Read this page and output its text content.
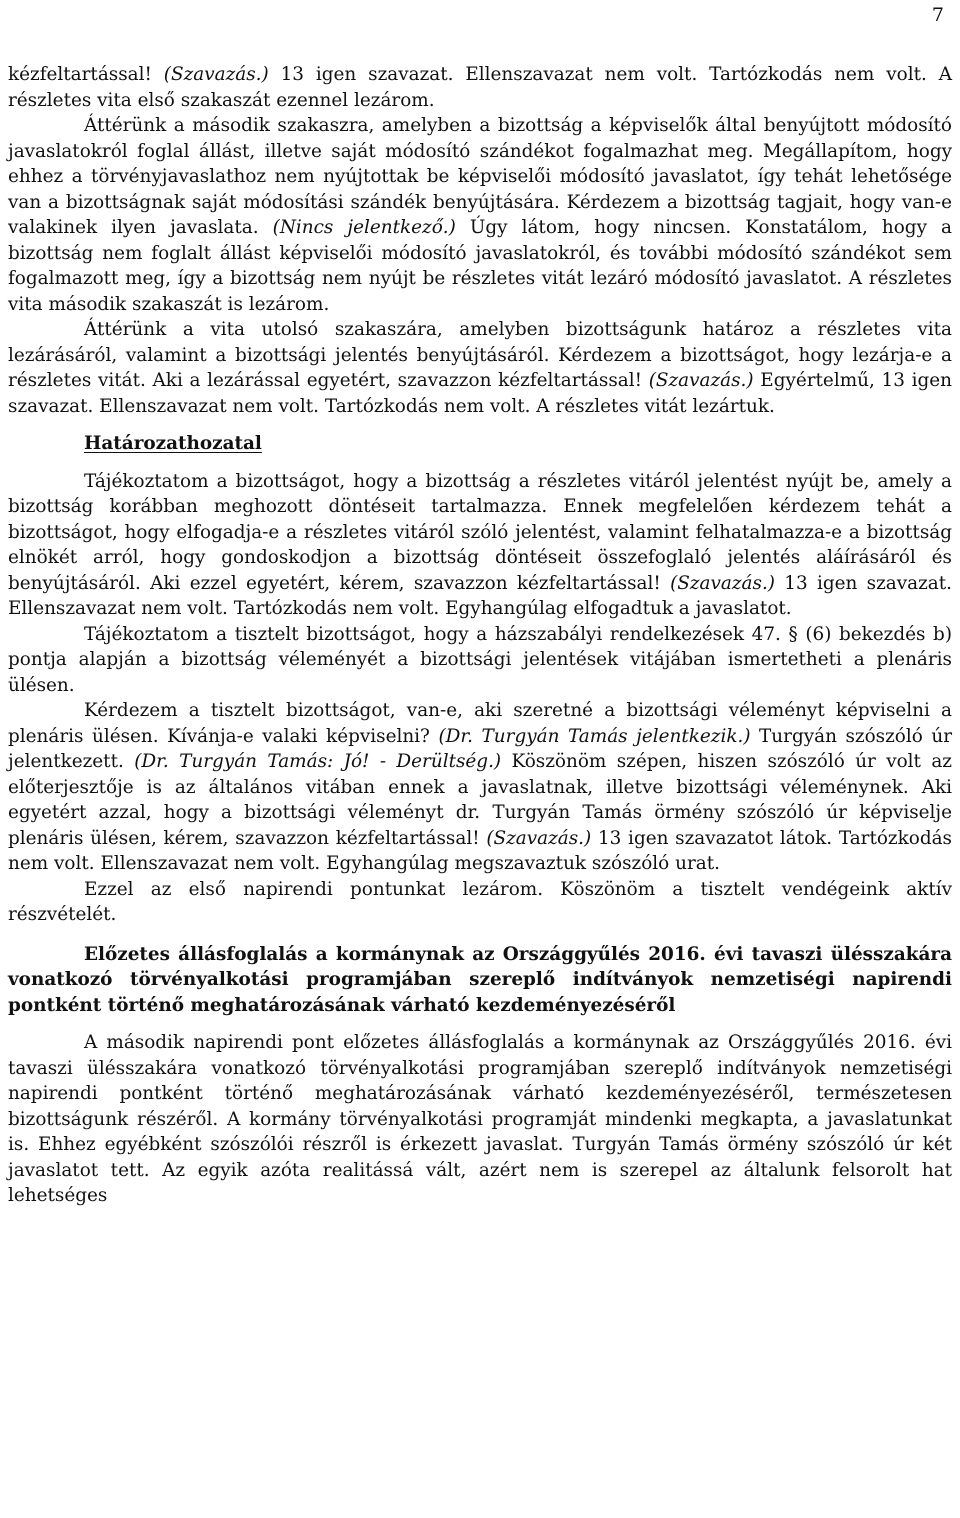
7

kézfeltartással! (Szavazás.) 13 igen szavazat. Ellenszavazat nem volt. Tartózkodás nem volt. A részletes vita első szakaszát ezennel lezárom.

Áttérünk a második szakaszra, amelyben a bizottság a képviselők által benyújtott módosító javaslatokról foglal állást, illetve saját módosító szándékot fogalmazhat meg. Megállapítom, hogy ehhez a törvényjavaslathoz nem nyújtottak be képviselői módosító javaslatot, így tehát lehetősége van a bizottságnak saját módosítási szándék benyújtására. Kérdezem a bizottság tagjait, hogy van-e valakinek ilyen javaslata. (Nincs jelentkező.) Úgy látom, hogy nincsen. Konstatálom, hogy a bizottság nem foglalt állást képviselői módosító javaslatokról, és további módosító szándékot sem fogalmazott meg, így a bizottság nem nyújt be részletes vitát lezáró módosító javaslatot. A részletes vita második szakaszát is lezárom.

Áttérünk a vita utolsó szakaszára, amelyben bizottságunk határoz a részletes vita lezárásáról, valamint a bizottsági jelentés benyújtásáról. Kérdezem a bizottságot, hogy lezárja-e a részletes vitát. Aki a lezárással egyetért, szavazzon kézfeltartással! (Szavazás.) Egyértelmű, 13 igen szavazat. Ellenszavazat nem volt. Tartózkodás nem volt. A részletes vitát lezártuk.

Határozathozatal

Tájékoztatom a bizottságot, hogy a bizottság a részletes vitáról jelentést nyújt be, amely a bizottság korábban meghozott döntéseit tartalmazza. Ennek megfelelően kérdezem tehát a bizottságot, hogy elfogadja-e a részletes vitáról szóló jelentést, valamint felhatalmazza-e a bizottság elnökét arról, hogy gondoskodjon a bizottság döntéseit összefoglaló jelentés aláírásáról és benyújtásáról. Aki ezzel egyetért, kérem, szavazzon kézfeltartással! (Szavazás.) 13 igen szavazat. Ellenszavazat nem volt. Tartózkodás nem volt. Egyhangúlag elfogadtuk a javaslatot.

Tájékoztatom a tisztelt bizottságot, hogy a házszabályi rendelkezések 47. § (6) bekezdés b) pontja alapján a bizottság véleményét a bizottsági jelentések vitájában ismertetheti a plenáris ülésen.

Kérdezem a tisztelt bizottságot, van-e, aki szeretné a bizottsági véleményt képviselni a plenáris ülésen. Kívánja-e valaki képviselni? (Dr. Turgyán Tamás jelentkezik.) Turgyán szószóló úr jelentkezett. (Dr. Turgyán Tamás: Jó! - Derültség.) Köszönöm szépen, hiszen szószóló úr volt az előterjesztője is az általános vitában ennek a javaslatnak, illetve bizottsági véleménynek. Aki egyetért azzal, hogy a bizottsági véleményt dr. Turgyán Tamás örmény szószóló úr képviselje plenáris ülésen, kérem, szavazzon kézfeltartással! (Szavazás.) 13 igen szavazatot látok. Tartózkodás nem volt. Ellenszavazat nem volt. Egyhangúlag megszavaztuk szószóló urat.

Ezzel az első napirendi pontunkat lezárom. Köszönöm a tisztelt vendégeink aktív részvételét.

Előzetes állásfoglalás a kormánynak az Országgyűlés 2016. évi tavaszi ülésszakára vonatkozó törvényalkotási programjában szereplő indítványok nemzetiségi napirendi pontként történő meghatározásának várható kezdeményezéséről

A második napirendi pont előzetes állásfoglalás a kormánynak az Országgyűlés 2016. évi tavaszi ülésszakára vonatkozó törvényalkotási programjában szereplő indítványok nemzetiségi napirendi pontként történő meghatározásának várható kezdeményezéséről, természetesen bizottságunk részéről. A kormány törvényalkotási programját mindenki megkapta, a javaslatunkat is. Ehhez egyébként szószólói részről is érkezett javaslat. Turgyán Tamás örmény szószóló úr két javaslatot tett. Az egyik azóta realitássá vált, azért nem is szerepel az általunk felsorolt hat lehetséges
